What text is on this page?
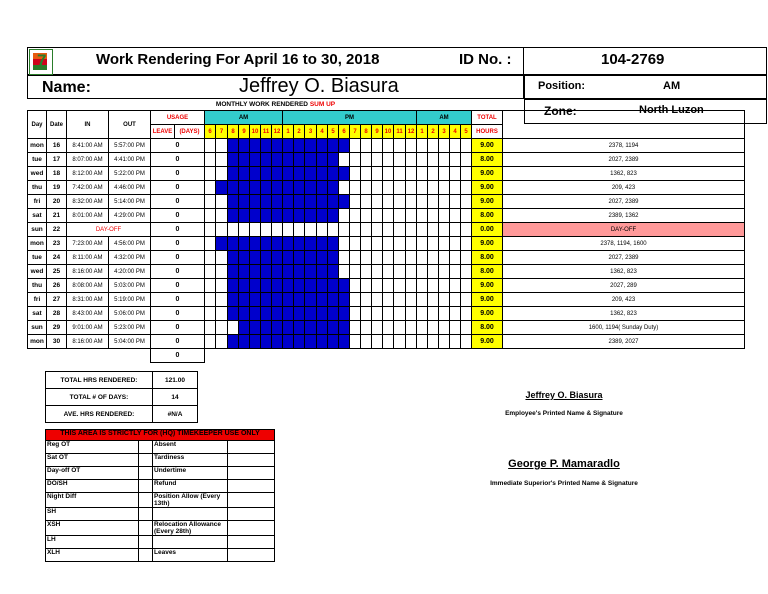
7	Work Rendering For April 16 to 30, 2018	ID No. :	104-2769
Name:	Jeffrey O. Biasura
MONTHLY WORK RENDERED SUM UP
Position:	AM
Zone:	North Luzon
Day	Date	IN	OUT	USAGE		AM							PM												AM					TOTAL	
				LEAVE	(DAYS)	6	7	8	9	10	11	12	1	2	3	4	5	6	7	8	9	10	11	12	1	2	3	4	5	HOURS	
mon	16	8:41:00 AM	5:57:00 PM	0																										9.00	2378, 1194
tue	17	8:07:00 AM	4:41:00 PM	0																										8.00	2027, 2389
wed	18	8:12:00 AM	5:22:00 PM	0																										9.00	1362, 823
thu	19	7:42:00 AM	4:46:00 PM	0																										9.00	209, 423
fri	20	8:32:00 AM	5:14:00 PM	0																										9.00	2027, 2389
sat	21	8:01:00 AM	4:29:00 PM	0																										8.00	2389, 1362
sun	22	DAY-OFF		0																										0.00	DAY-OFF
mon	23	7:23:00 AM	4:56:00 PM	0																										9.00	2378, 1194, 1600
tue	24	8:11:00 AM	4:32:00 PM	0																										8.00	2027, 2389
wed	25	8:16:00 AM	4:20:00 PM	0																										8.00	1362, 823
thu	26	8:08:00 AM	5:03:00 PM	0																										9.00	2027, 289
fri	27	8:31:00 AM	5:19:00 PM	0																										9.00	209, 423
sat	28	8:43:00 AM	5:06:00 PM	0																										9.00	1362, 823
sun	29	9:01:00 AM	5:23:00 PM	0																										8.00	1600, 1194( Sunday Duty)
mon	30	8:16:00 AM	5:04:00 PM	0																										9.00	2389, 2027
				0																											
TOTAL HRS RENDERED:	121.00
TOTAL # OF DAYS:	14
AVE. HRS RENDERED:	#N/A
THIS AREA IS STRICTLY FOR (HQ) TIMEKEEPER USE ONLY			
Reg OT		Absent	
Sat OT		Tardiness	
Day-off OT		Undertime	
DO/SH		Refund	
Night Diff		Position Allow (Every 13th)	
SH			
XSH		Relocation Allowance (Every 28th)	
LH			
XLH		Leaves	
Jeffrey O. Biasura
Employee's Printed Name & Signature
George P. Mamaradlo
Immediate Superior's Printed Name & Signature
